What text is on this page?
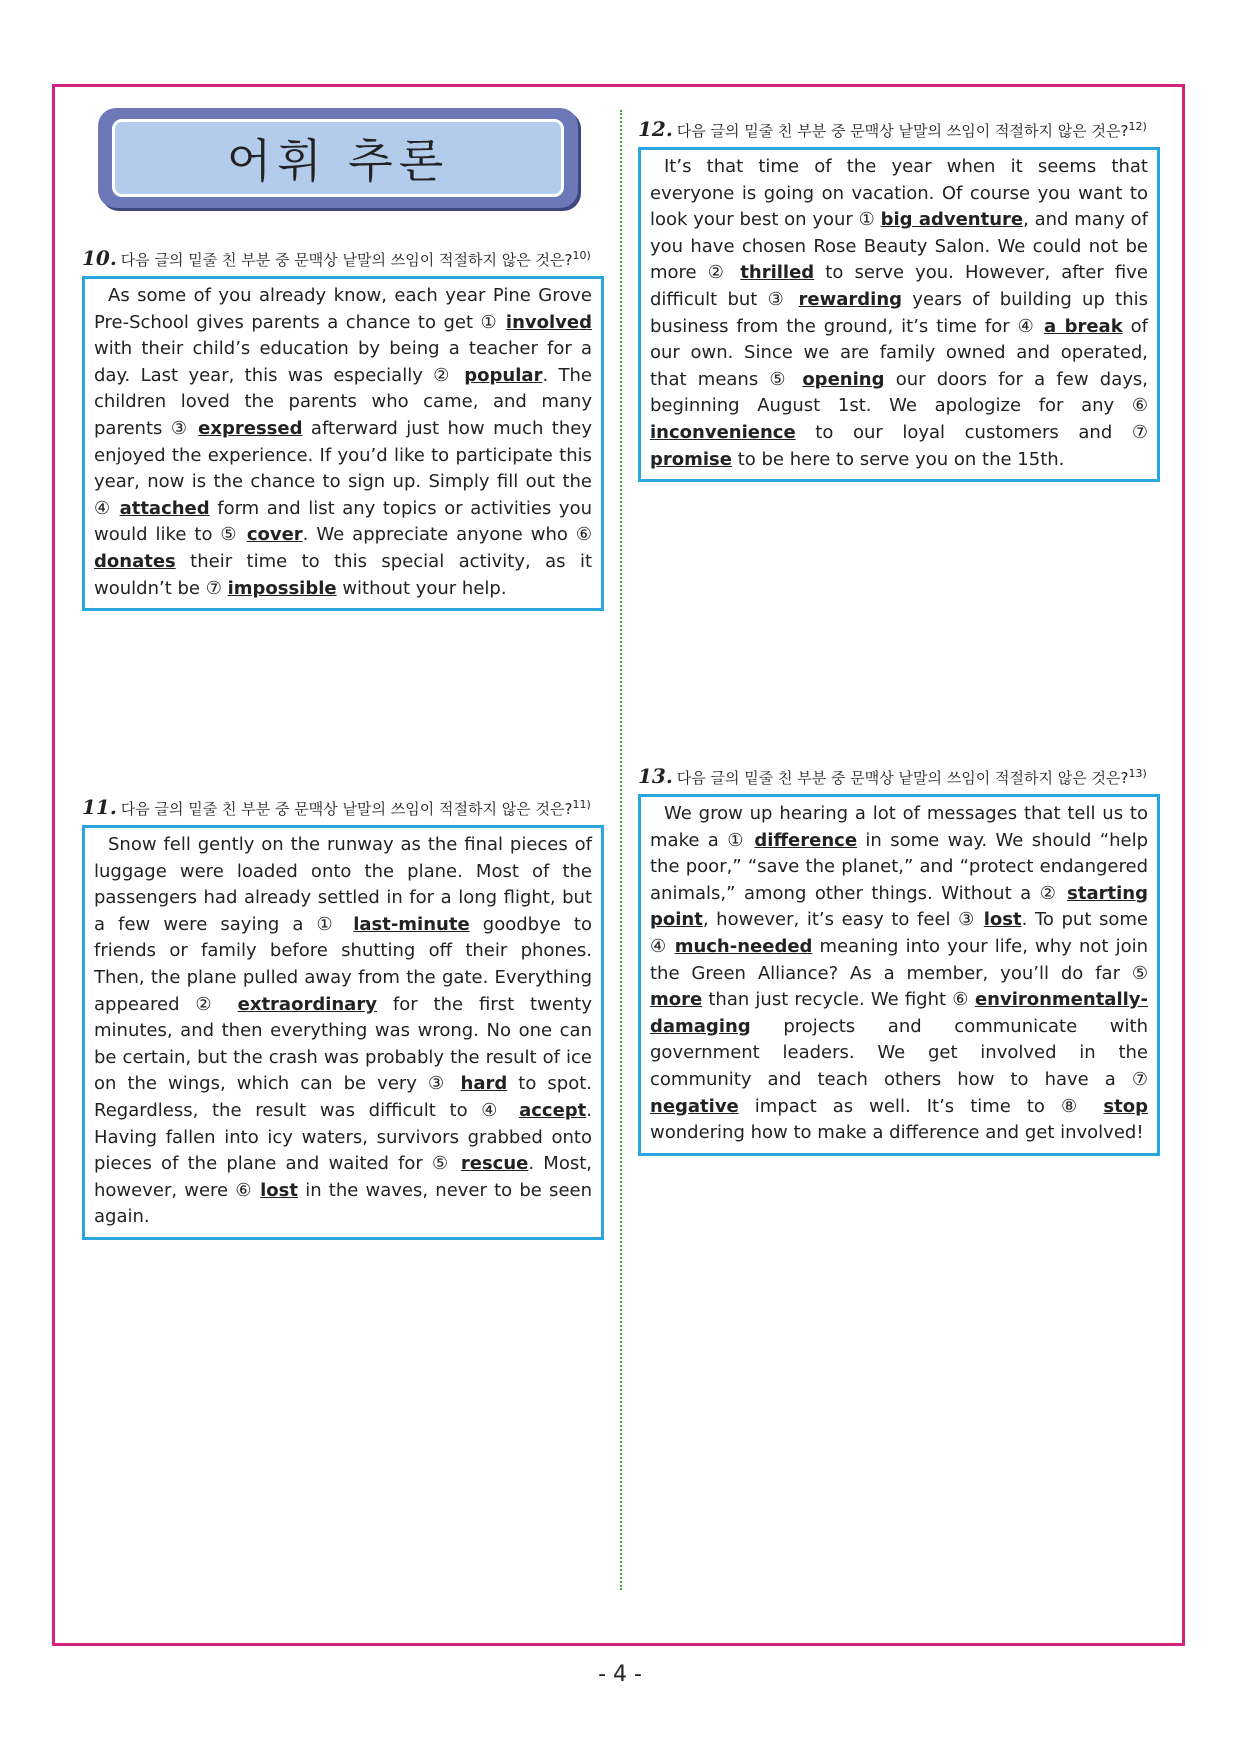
어휘 추론
10. 다음 글의 밑줄 친 부분 중 문맥상 낱말의 쓰임이 적절하지 않은 것은?$^{10)}$

As some of you already know, each year Pine Grove Pre-School gives parents a chance to get ① involved with their child’s education by being a teacher for a day. Last year, this was especially ② popular. The children loved the parents who came, and many parents ③ expressed afterward just how much they enjoyed the experience. If you’d like to participate this year, now is the chance to sign up. Simply fill out the ④ attached form and list any topics or activities you would like to ⑤ cover. We appreciate anyone who ⑥ donates their time to this special activity, as it wouldn’t be ⑦ impossible without your help.

11. 다음 글의 밑줄 친 부분 중 문맥상 낱말의 쓰임이 적절하지 않은 것은?$^{11)}$

Snow fell gently on the runway as the final pieces of luggage were loaded onto the plane. Most of the passengers had already settled in for a long flight, but a few were saying a ① last-minute goodbye to friends or family before shutting off their phones. Then, the plane pulled away from the gate. Everything appeared ② extraordinary for the first twenty minutes, and then everything was wrong. No one can be certain, but the crash was probably the result of ice on the wings, which can be very ③ hard to spot. Regardless, the result was difficult to ④ accept. Having fallen into icy waters, survivors grabbed onto pieces of the plane and waited for ⑤ rescue. Most, however, were ⑥ lost in the waves, never to be seen again.

12. 다음 글의 밑줄 친 부분 중 문맥상 낱말의 쓰임이 적절하지 않은 것은?$^{12)}$

It’s that time of the year when it seems that everyone is going on vacation. Of course you want to look your best on your ① big adventure, and many of you have chosen Rose Beauty Salon. We could not be more ② thrilled to serve you. However, after five difficult but ③ rewarding years of building up this business from the ground, it’s time for ④ a break of our own. Since we are family owned and operated, that means ⑤ opening our doors for a few days, beginning August 1st. We apologize for any ⑥ inconvenience to our loyal customers and ⑦ promise to be here to serve you on the 15th.

13. 다음 글의 밑줄 친 부분 중 문맥상 낱말의 쓰임이 적절하지 않은 것은?$^{13)}$

We grow up hearing a lot of messages that tell us to make a ① difference in some way. We should “help the poor,” “save the planet,” and “protect endangered animals,” among other things. Without a ② starting point, however, it’s easy to feel ③ lost. To put some ④ much-needed meaning into your life, why not join the Green Alliance? As a member, you’ll do far ⑤ more than just recycle. We fight ⑥ environmentally-damaging projects and communicate with government leaders. We get involved in the community and teach others how to have a ⑦ negative impact as well. It’s time to ⑧ stop wondering how to make a difference and get involved!

- 4 -
